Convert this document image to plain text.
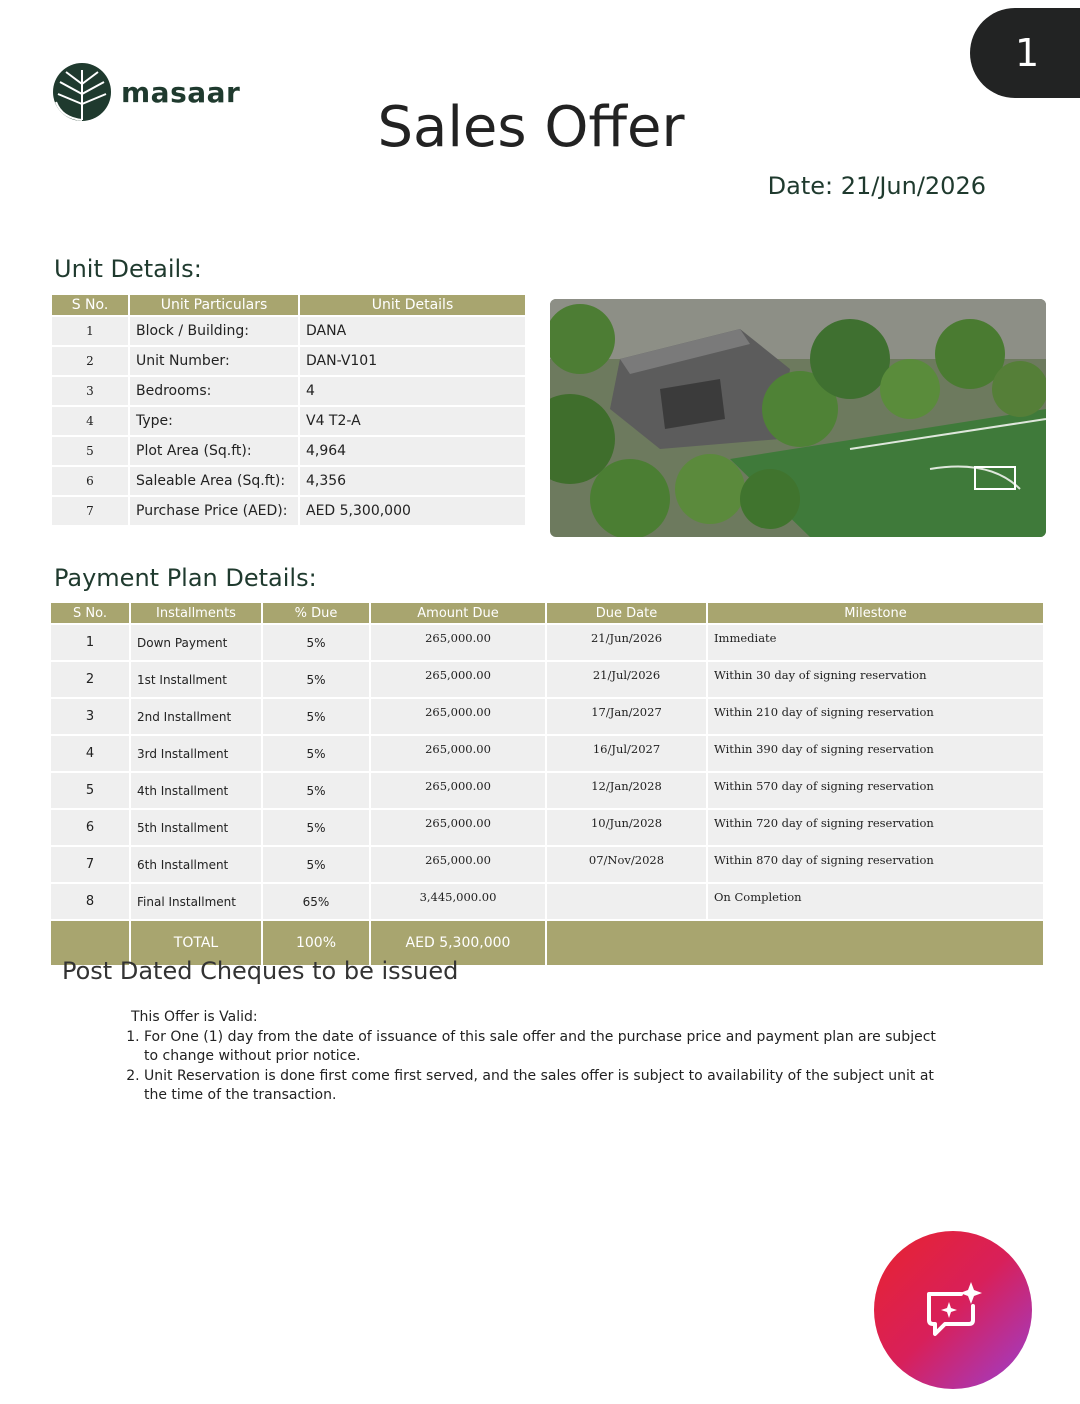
1
masaar
Sales Offer
Date: 21/Jun/2026
Unit Details:
S No.	Unit Particulars	Unit Details
1	Block / Building:	DANA
2	Unit Number:	DAN-V101
3	Bedrooms:	4
4	Type:	V4 T2-A
5	Plot Area (Sq.ft):	4,964
6	Saleable Area (Sq.ft):	4,356
7	Purchase Price (AED):	AED 5,300,000
Payment Plan Details:
S No.	Installments	% Due	Amount Due	Due Date	Milestone
1	Down Payment	5%	265,000.00	21/Jun/2026	Immediate
2	1st Installment	5%	265,000.00	21/Jul/2026	Within 30 day of signing reservation
3	2nd Installment	5%	265,000.00	17/Jan/2027	Within 210 day of signing reservation
4	3rd Installment	5%	265,000.00	16/Jul/2027	Within 390 day of signing reservation
5	4th Installment	5%	265,000.00	12/Jan/2028	Within 570 day of signing reservation
6	5th Installment	5%	265,000.00	10/Jun/2028	Within 720 day of signing reservation
7	6th Installment	5%	265,000.00	07/Nov/2028	Within 870 day of signing reservation
8	Final Installment	65%	3,445,000.00		On Completion
	TOTAL	100%	AED 5,300,000		
Post Dated Cheques to be issued
This Offer is Valid:
1. For One (1) day from the date of issuance of this sale offer and the purchase price and payment plan are subject to change without prior notice.
2. Unit Reservation is done first come first served, and the sales offer is subject to availability of the subject unit at the time of the transaction.
